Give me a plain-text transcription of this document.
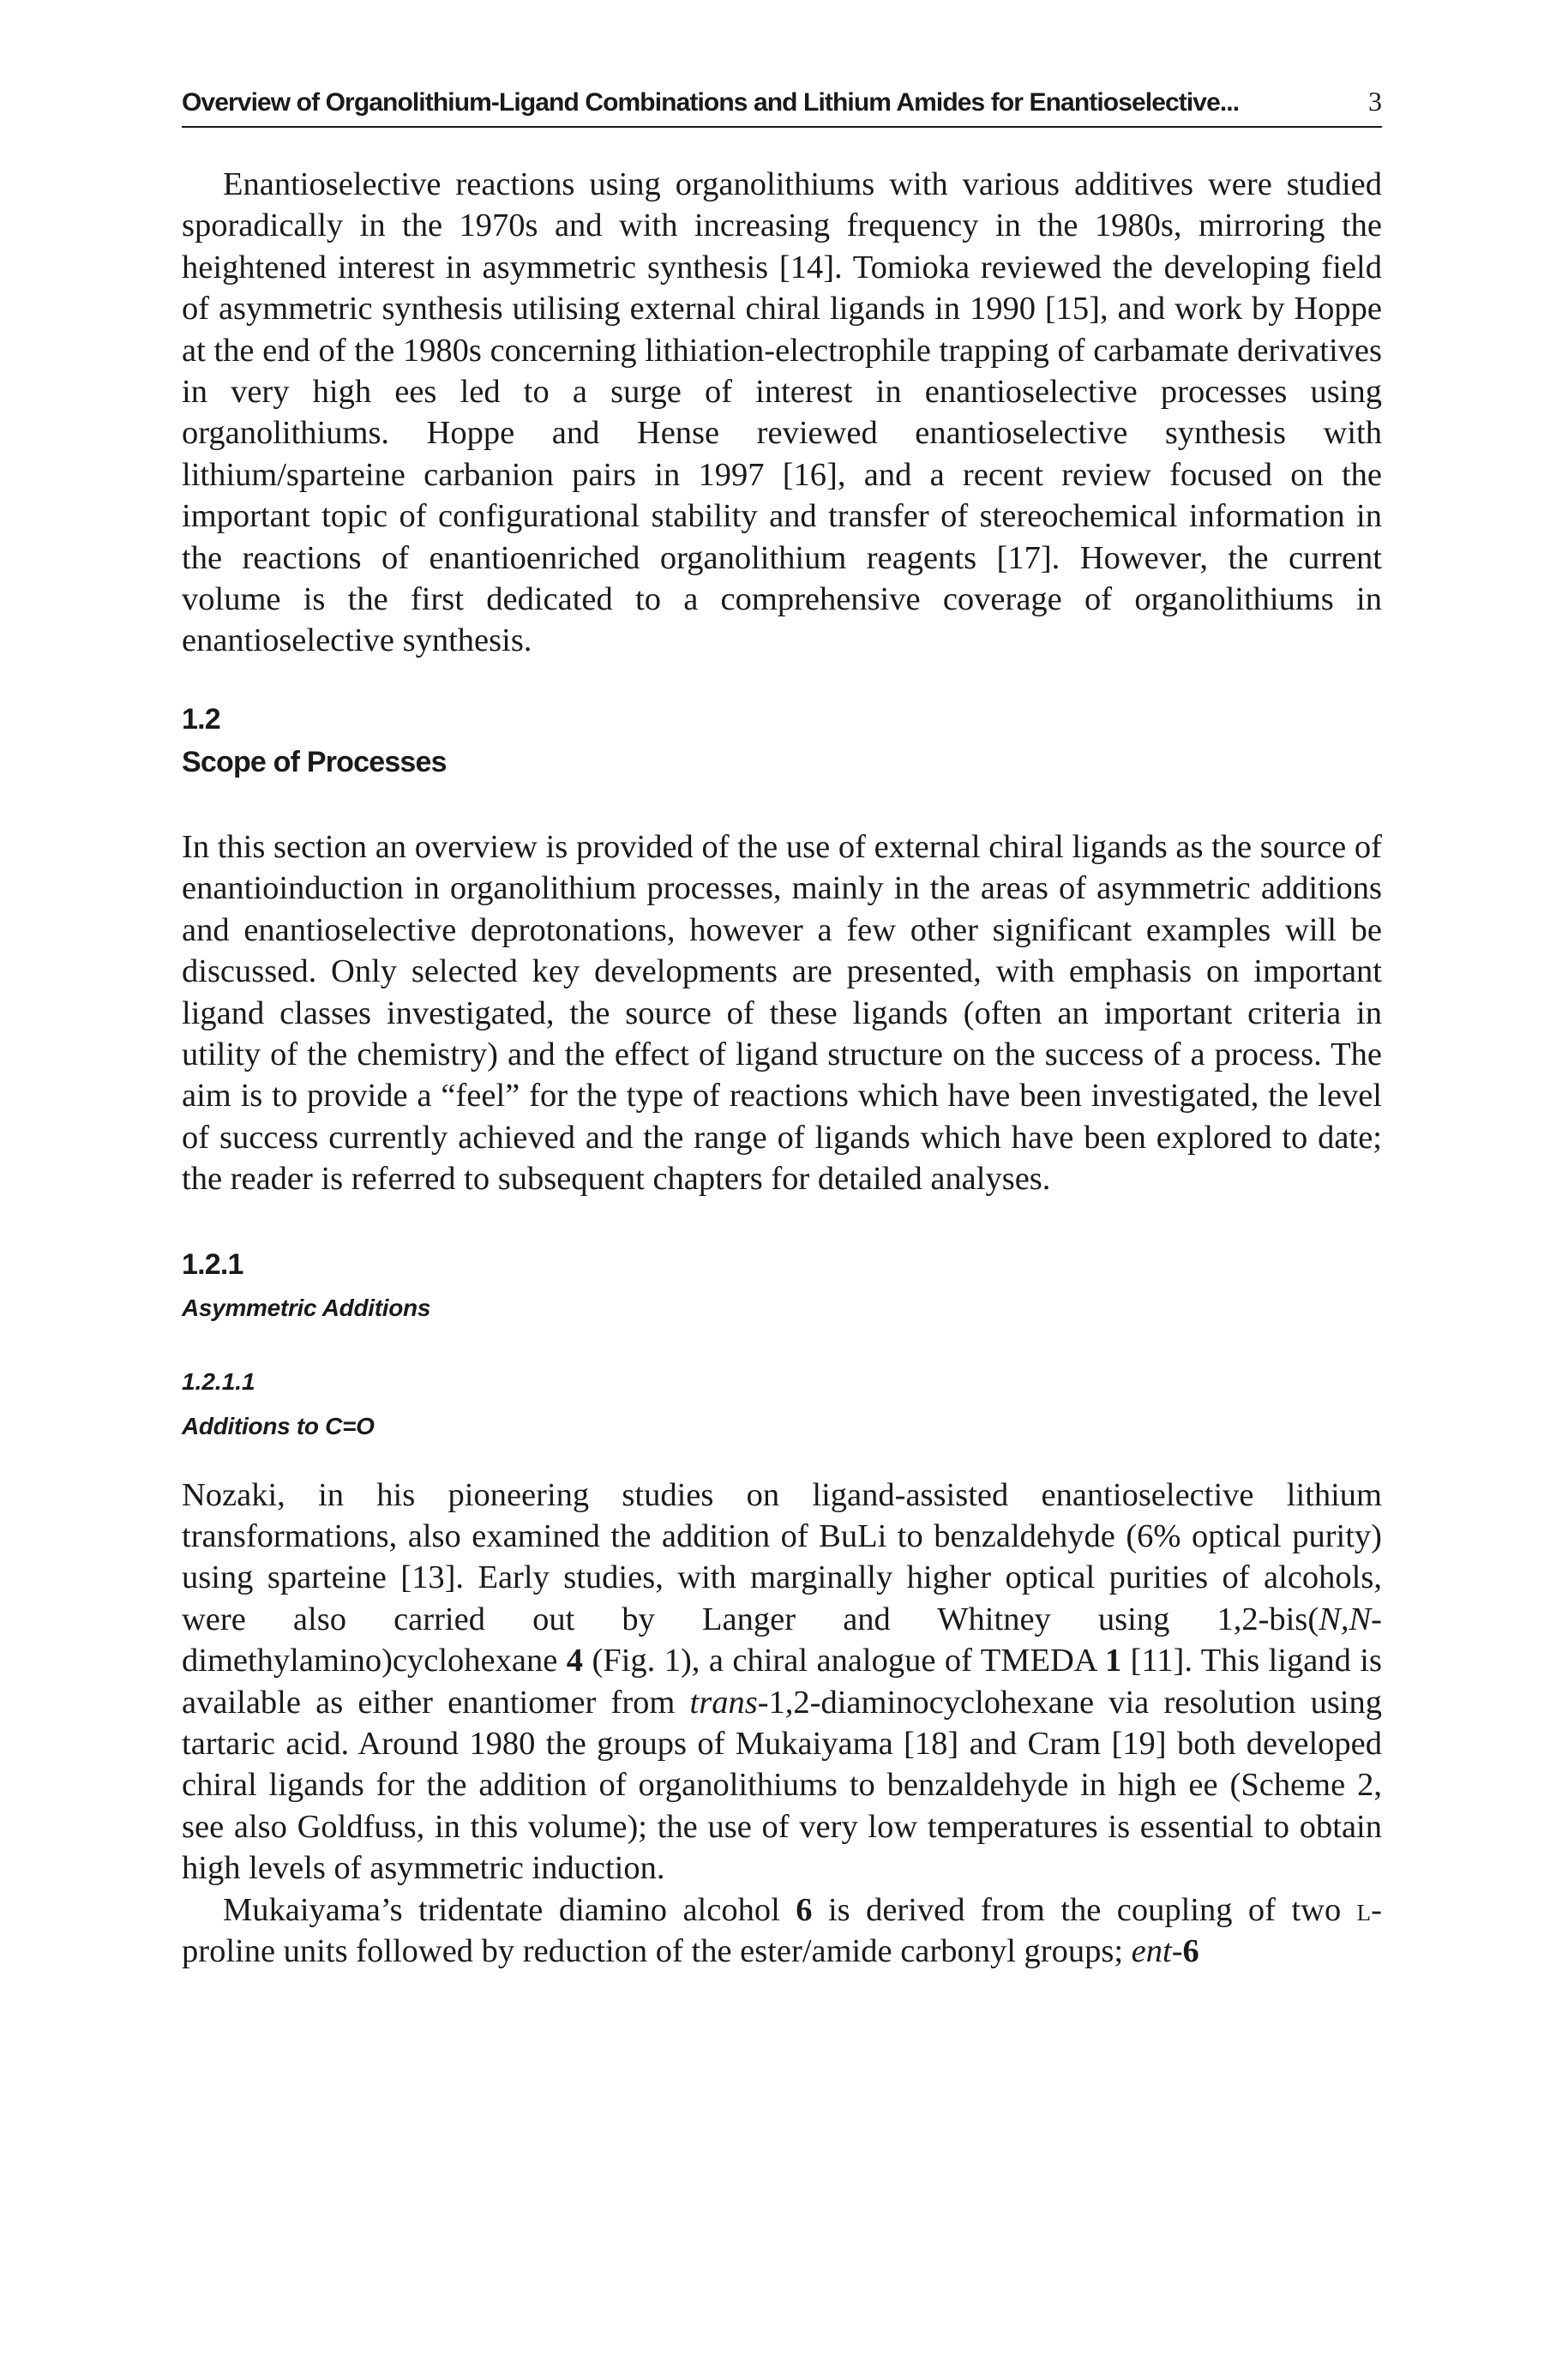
Overview of Organolithium-Ligand Combinations and Lithium Amides for Enantioselective...	3

Enantioselective reactions using organolithiums with various additives were studied sporadically in the 1970s and with increasing frequency in the 1980s, mirroring the heightened interest in asymmetric synthesis [14]. Tomioka reviewed the developing field of asymmetric synthesis utilising external chiral ligands in 1990 [15], and work by Hoppe at the end of the 1980s concerning lithiation-electrophile trapping of carbamate derivatives in very high ees led to a surge of interest in enantioselective processes using organolithiums. Hoppe and Hense reviewed enantioselective synthesis with lithium/sparteine carbanion pairs in 1997 [16], and a recent review focused on the important topic of configurational stability and transfer of stereochemical information in the reactions of enantioenriched organolithium reagents [17]. However, the current volume is the first dedicated to a comprehensive coverage of organolithiums in enantioselective synthesis.

1.2
Scope of Processes

In this section an overview is provided of the use of external chiral ligands as the source of enantioinduction in organolithium processes, mainly in the areas of asymmetric additions and enantioselective deprotonations, however a few other significant examples will be discussed. Only selected key developments are presented, with emphasis on important ligand classes investigated, the source of these ligands (often an important criteria in utility of the chemistry) and the effect of ligand structure on the success of a process. The aim is to provide a “feel” for the type of reactions which have been investigated, the level of success currently achieved and the range of ligands which have been explored to date; the reader is referred to subsequent chapters for detailed analyses.

1.2.1
Asymmetric Additions
1.2.1.1
Additions to C=O

Nozaki, in his pioneering studies on ligand-assisted enantioselective lithium transformations, also examined the addition of BuLi to benzaldehyde (6% optical purity) using sparteine [13]. Early studies, with marginally higher optical purities of alcohols, were also carried out by Langer and Whitney using 1,2-bis(N,N-dimethylamino)cyclohexane 4 (Fig. 1), a chiral analogue of TMEDA 1 [11]. This ligand is available as either enantiomer from trans-1,2-diaminocyclohexane via resolution using tartaric acid. Around 1980 the groups of Mukaiyama [18] and Cram [19] both developed chiral ligands for the addition of organolithiums to benzaldehyde in high ee (Scheme 2, see also Goldfuss, in this volume); the use of very low temperatures is essential to obtain high levels of asymmetric induction.

Mukaiyama’s tridentate diamino alcohol 6 is derived from the coupling of two l-proline units followed by reduction of the ester/amide carbonyl groups; ent-6
